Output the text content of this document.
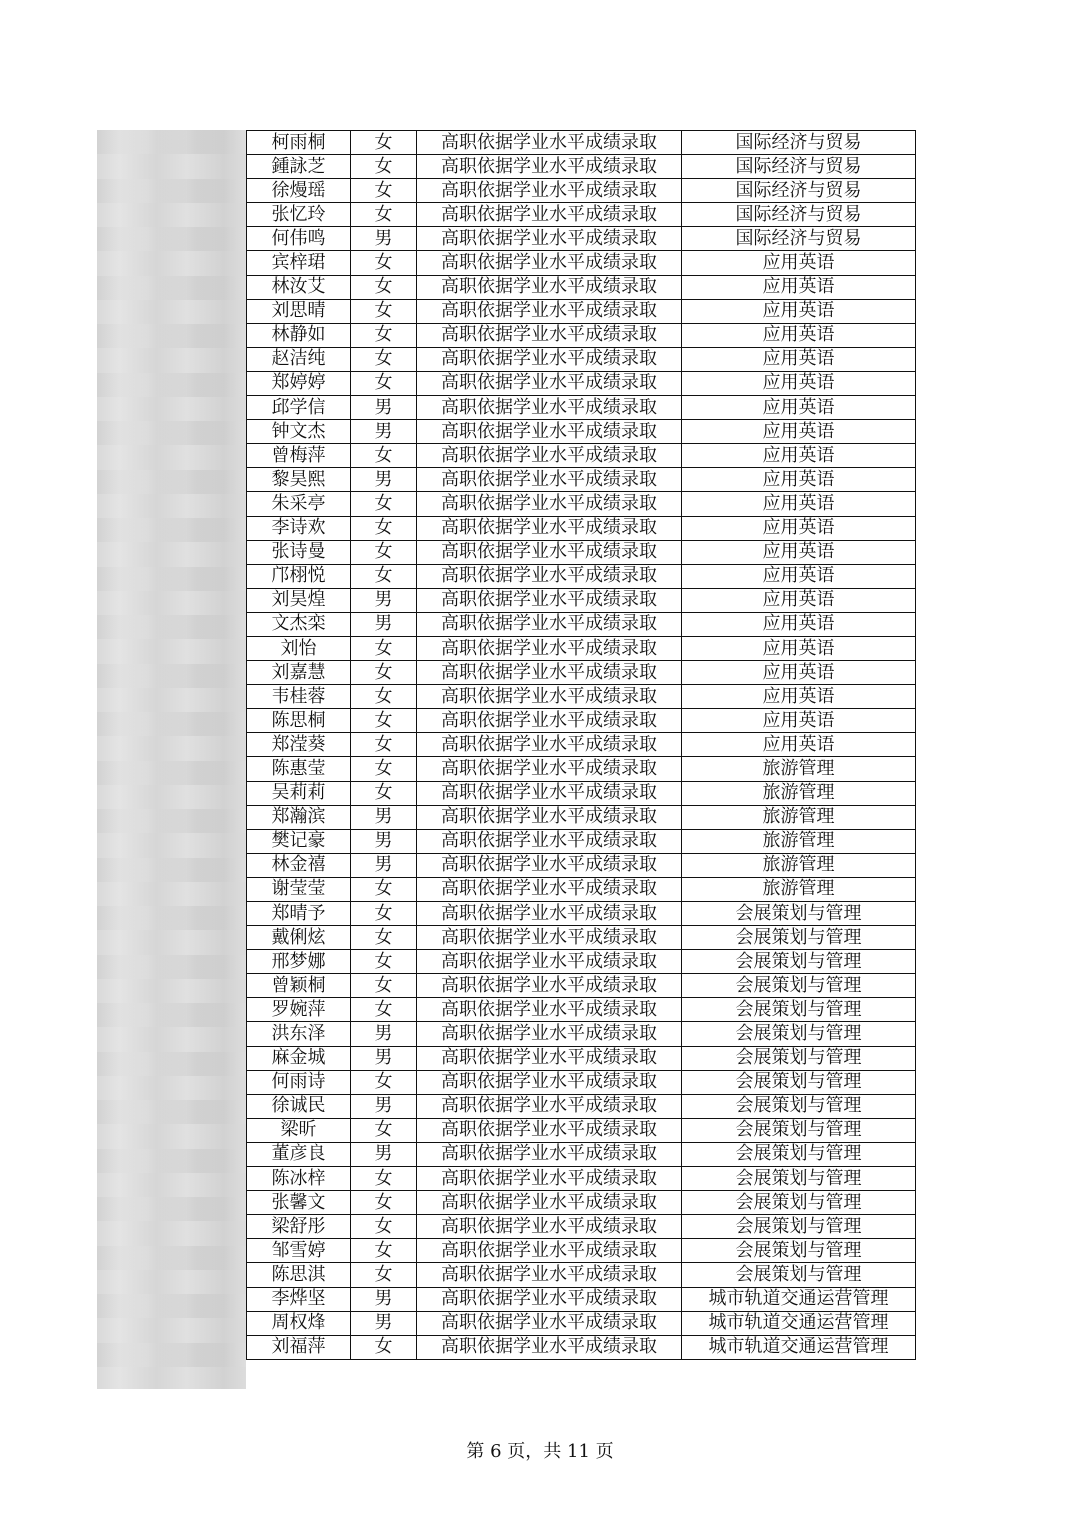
柯雨桐	女	高职依据学业水平成绩录取	国际经济与贸易
鍾詠芝	女	高职依据学业水平成绩录取	国际经济与贸易
徐熳瑶	女	高职依据学业水平成绩录取	国际经济与贸易
张忆玲	女	高职依据学业水平成绩录取	国际经济与贸易
何伟鸣	男	高职依据学业水平成绩录取	国际经济与贸易
宾梓珺	女	高职依据学业水平成绩录取	应用英语
林汝艾	女	高职依据学业水平成绩录取	应用英语
刘思晴	女	高职依据学业水平成绩录取	应用英语
林静如	女	高职依据学业水平成绩录取	应用英语
赵洁纯	女	高职依据学业水平成绩录取	应用英语
郑婷婷	女	高职依据学业水平成绩录取	应用英语
邱学信	男	高职依据学业水平成绩录取	应用英语
钟文杰	男	高职依据学业水平成绩录取	应用英语
曾梅萍	女	高职依据学业水平成绩录取	应用英语
黎昊熙	男	高职依据学业水平成绩录取	应用英语
朱采亭	女	高职依据学业水平成绩录取	应用英语
李诗欢	女	高职依据学业水平成绩录取	应用英语
张诗曼	女	高职依据学业水平成绩录取	应用英语
邝栩悦	女	高职依据学业水平成绩录取	应用英语
刘昊煌	男	高职依据学业水平成绩录取	应用英语
文杰栾	男	高职依据学业水平成绩录取	应用英语
刘怡	女	高职依据学业水平成绩录取	应用英语
刘嘉慧	女	高职依据学业水平成绩录取	应用英语
韦桂蓉	女	高职依据学业水平成绩录取	应用英语
陈思桐	女	高职依据学业水平成绩录取	应用英语
郑滢葵	女	高职依据学业水平成绩录取	应用英语
陈惠莹	女	高职依据学业水平成绩录取	旅游管理
吴莉莉	女	高职依据学业水平成绩录取	旅游管理
郑瀚滨	男	高职依据学业水平成绩录取	旅游管理
樊记豪	男	高职依据学业水平成绩录取	旅游管理
林金禧	男	高职依据学业水平成绩录取	旅游管理
谢莹莹	女	高职依据学业水平成绩录取	旅游管理
郑晴予	女	高职依据学业水平成绩录取	会展策划与管理
戴俐炫	女	高职依据学业水平成绩录取	会展策划与管理
邢梦娜	女	高职依据学业水平成绩录取	会展策划与管理
曾颖桐	女	高职依据学业水平成绩录取	会展策划与管理
罗婉萍	女	高职依据学业水平成绩录取	会展策划与管理
洪东泽	男	高职依据学业水平成绩录取	会展策划与管理
麻金城	男	高职依据学业水平成绩录取	会展策划与管理
何雨诗	女	高职依据学业水平成绩录取	会展策划与管理
徐诚民	男	高职依据学业水平成绩录取	会展策划与管理
梁昕	女	高职依据学业水平成绩录取	会展策划与管理
董彦良	男	高职依据学业水平成绩录取	会展策划与管理
陈冰梓	女	高职依据学业水平成绩录取	会展策划与管理
张馨文	女	高职依据学业水平成绩录取	会展策划与管理
梁舒彤	女	高职依据学业水平成绩录取	会展策划与管理
邹雪婷	女	高职依据学业水平成绩录取	会展策划与管理
陈思淇	女	高职依据学业水平成绩录取	会展策划与管理
李烨坚	男	高职依据学业水平成绩录取	城市轨道交通运营管理
周权烽	男	高职依据学业水平成绩录取	城市轨道交通运营管理
刘福萍	女	高职依据学业水平成绩录取	城市轨道交通运营管理
第 6 页，共 11 页
